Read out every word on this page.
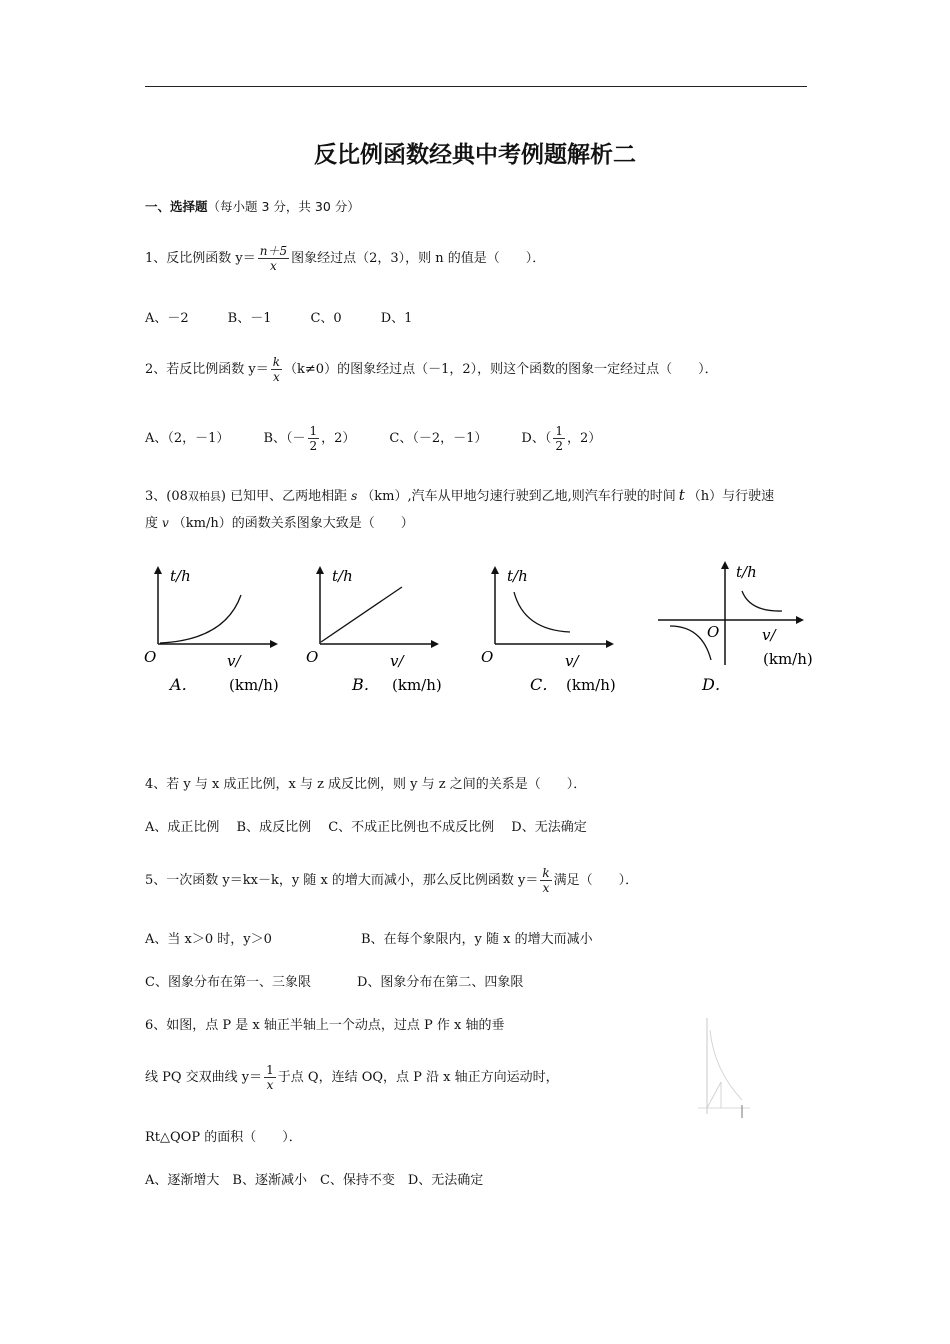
反比例函数经典中考例题解析二
一、选择题（每小题 3 分，共 30 分）
1、反比例函数 $y= \frac{n+5}{x}$ 图象经过点（2，3），则 n 的值是（　　）．
A、－2　　　B、－1　　　C、0　　　D、1
2、若反比例函数 $y= \frac{k}{x} (k\ne 0)$的图象经过点（－1，2），则这个函数的图象一定经过点（　　）．
A、（2，－1）	B、（－ $\frac{1}{2}$ ，2）	C、（－2，－1）	D、（ $\frac{1}{2}$ ，2）
3、(08双柏县) 已知甲、乙两地相距 s （km）,汽车从甲地匀速行驶到乙地,则汽车行驶的时间 t （h）与行驶速
度 v （km/h）的函数关系图象大致是（　　）
t/h
O	v/
(km/h)
A．
t/h
O	v/
(km/h)
B．
t/h
O	v/
(km/h)
C．
t/h
O	v/
(km/h)
D．
4、若 y 与 x 成正比例，x 与 z 成反比例，则 y 与 z 之间的关系是（　　）．
A、成正比例　 B、成反比例　 C、不成正比例也不成反比例　 D、无法确定
5、一次函数 y＝kx－k，y 随 x 的增大而减小，那么反比例函数 $y= \frac{k}{x}$ 满足（　　）．
A、当 x＞0 时，y＞0	B、在每个象限内，y 随 x 的增大而减小
C、图象分布在第一、三象限	D、图象分布在第二、四象限
6、如图，点 P 是 x 轴正半轴上一个动点，过点 P 作 x 轴的垂
线 PQ 交双曲线 $y= \frac{1}{x}$ 于点 Q，连结 OQ，点 P 沿 x 轴正方向运动时，
Rt△QOP 的面积（　　）．
A、逐渐增大　B、逐渐减小　C、保持不变　D、无法确定
